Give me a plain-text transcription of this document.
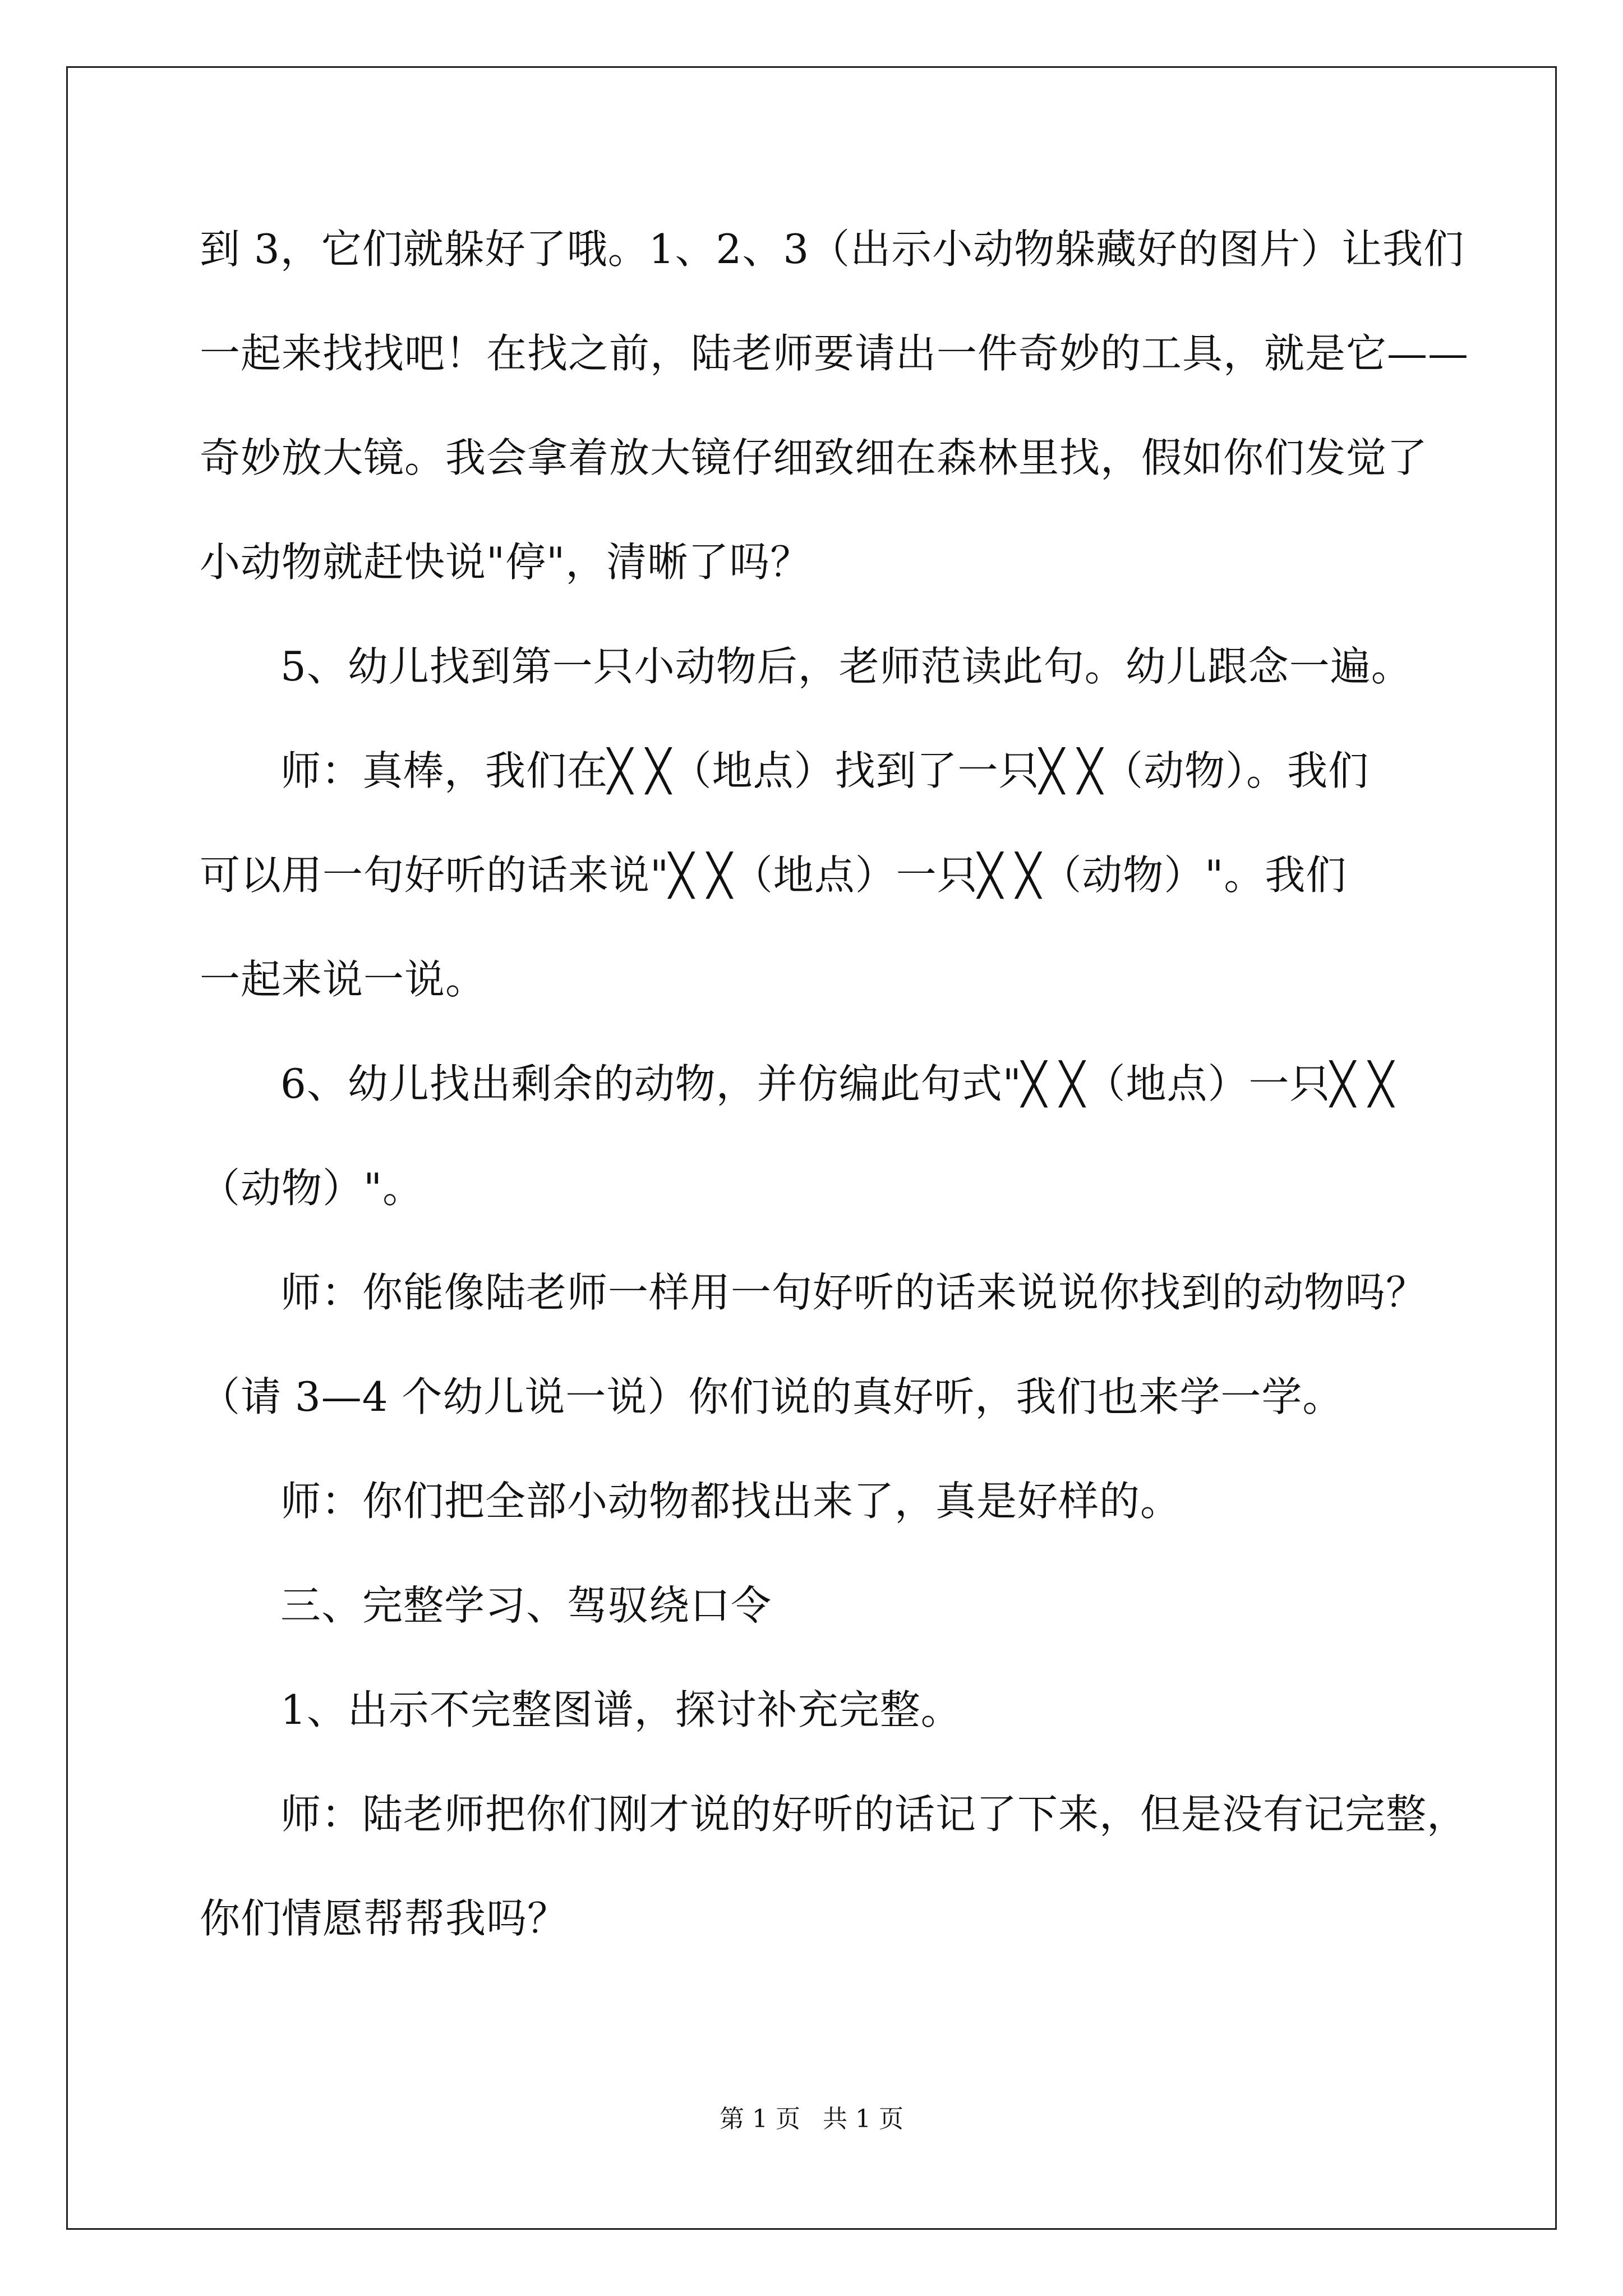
到 3，它们就躲好了哦。1、2、3（出示小动物躲藏好的图片）让我们
一起来找找吧！在找之前，陆老师要请出一件奇妙的工具，就是它——
奇妙放大镜。我会拿着放大镜仔细致细在森林里找，假如你们发觉了
小动物就赶快说"停"，清晰了吗？
5、幼儿找到第一只小动物后，老师范读此句。幼儿跟念一遍。
师：真棒，我们在╳ ╳（地点）找到了一只╳ ╳（动物）。我们
可以用一句好听的话来说"╳ ╳（地点）一只╳ ╳（动物）"。我们
一起来说一说。
6、幼儿找出剩余的动物，并仿编此句式"╳ ╳（地点）一只╳ ╳
（动物）"。
师：你能像陆老师一样用一句好听的话来说说你找到的动物吗？
（请 3—4 个幼儿说一说）你们说的真好听，我们也来学一学。
师：你们把全部小动物都找出来了，真是好样的。
三、完整学习、驾驭绕口令
1、出示不完整图谱，探讨补充完整。
师：陆老师把你们刚才说的好听的话记了下来，但是没有记完整，
你们情愿帮帮我吗？
第 1 页 共 1 页
